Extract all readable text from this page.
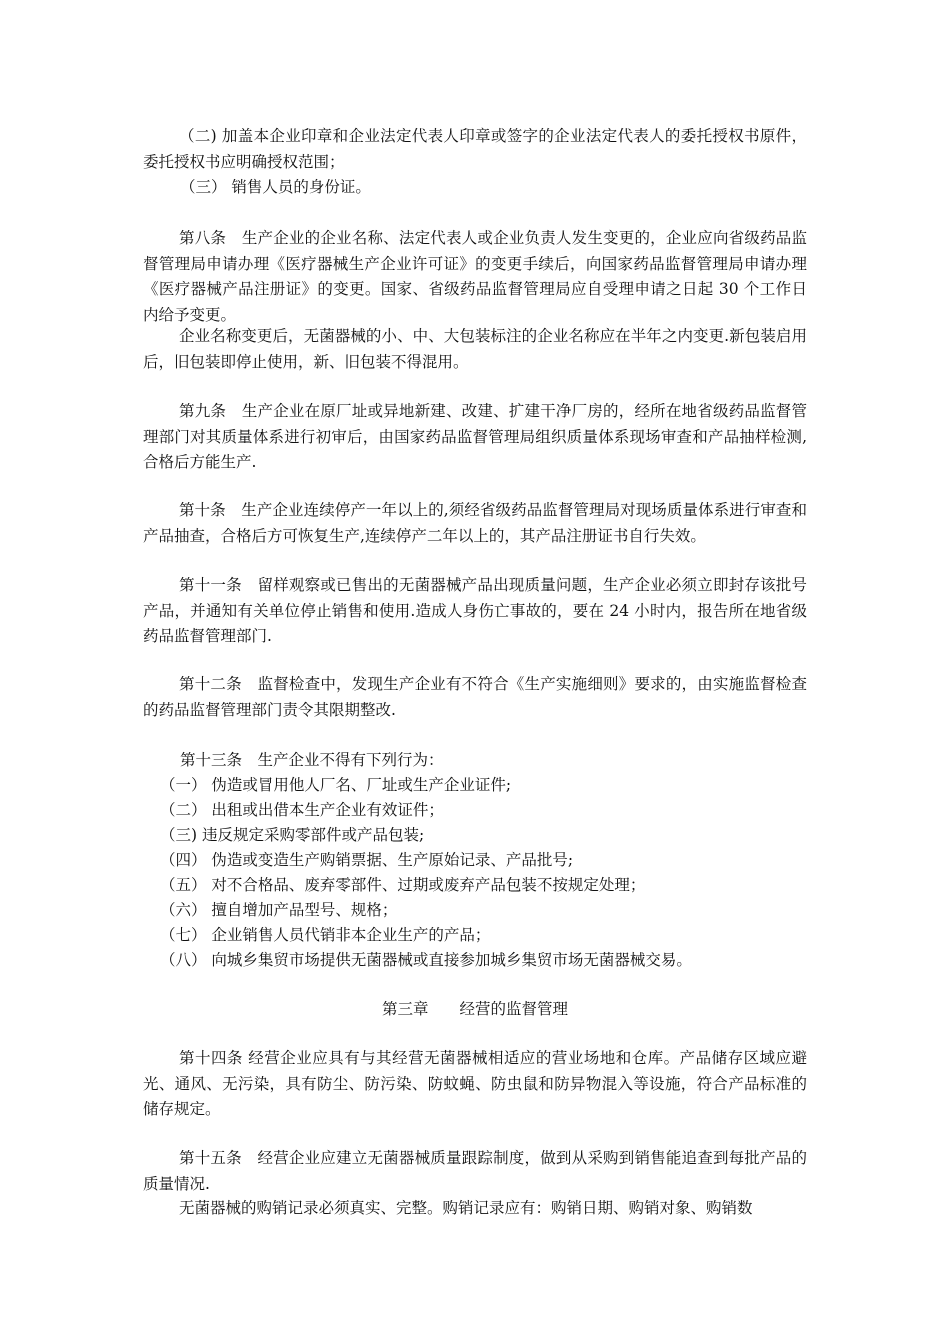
（二) 加盖本企业印章和企业法定代表人印章或签字的企业法定代表人的委托授权书原件，委托授权书应明确授权范围；

（三） 销售人员的身份证。

第八条　生产企业的企业名称、法定代表人或企业负责人发生变更的，企业应向省级药品监督管理局申请办理《医疗器械生产企业许可证》的变更手续后，向国家药品监督管理局申请办理《医疗器械产品注册证》的变更。国家、省级药品监督管理局应自受理申请之日起 30 个工作日内给予变更。

企业名称变更后，无菌器械的小、中、大包装标注的企业名称应在半年之内变更.新包装启用后，旧包装即停止使用，新、旧包装不得混用。

第九条　生产企业在原厂址或异地新建、改建、扩建干净厂房的，经所在地省级药品监督管理部门对其质量体系进行初审后，由国家药品监督管理局组织质量体系现场审查和产品抽样检测,合格后方能生产.

第十条　生产企业连续停产一年以上的,须经省级药品监督管理局对现场质量体系进行审查和产品抽查，合格后方可恢复生产,连续停产二年以上的，其产品注册证书自行失效。

第十一条　留样观察或已售出的无菌器械产品出现质量问题，生产企业必须立即封存该批号产品，并通知有关单位停止销售和使用.造成人身伤亡事故的，要在 24 小时内，报告所在地省级药品监督管理部门.

第十二条　监督检查中，发现生产企业有不符合《生产实施细则》要求的，由实施监督检查的药品监督管理部门责令其限期整改.

第十三条　生产企业不得有下列行为：

（一） 伪造或冒用他人厂名、厂址或生产企业证件;

（二） 出租或出借本生产企业有效证件；

（三) 违反规定采购零部件或产品包装;

（四） 伪造或变造生产购销票据、生产原始记录、产品批号;

（五） 对不合格品、废弃零部件、过期或废弃产品包装不按规定处理；

（六） 擅自增加产品型号、规格；

（七） 企业销售人员代销非本企业生产的产品；

（八） 向城乡集贸市场提供无菌器械或直接参加城乡集贸市场无菌器械交易。

第三章　　经营的监督管理

第十四条 经营企业应具有与其经营无菌器械相适应的营业场地和仓库。产品储存区域应避光、通风、无污染，具有防尘、防污染、防蚊蝇、防虫鼠和防异物混入等设施，符合产品标准的储存规定。

第十五条　经营企业应建立无菌器械质量跟踪制度，做到从采购到销售能追查到每批产品的质量情况.

无菌器械的购销记录必须真实、完整。购销记录应有：购销日期、购销对象、购销数
